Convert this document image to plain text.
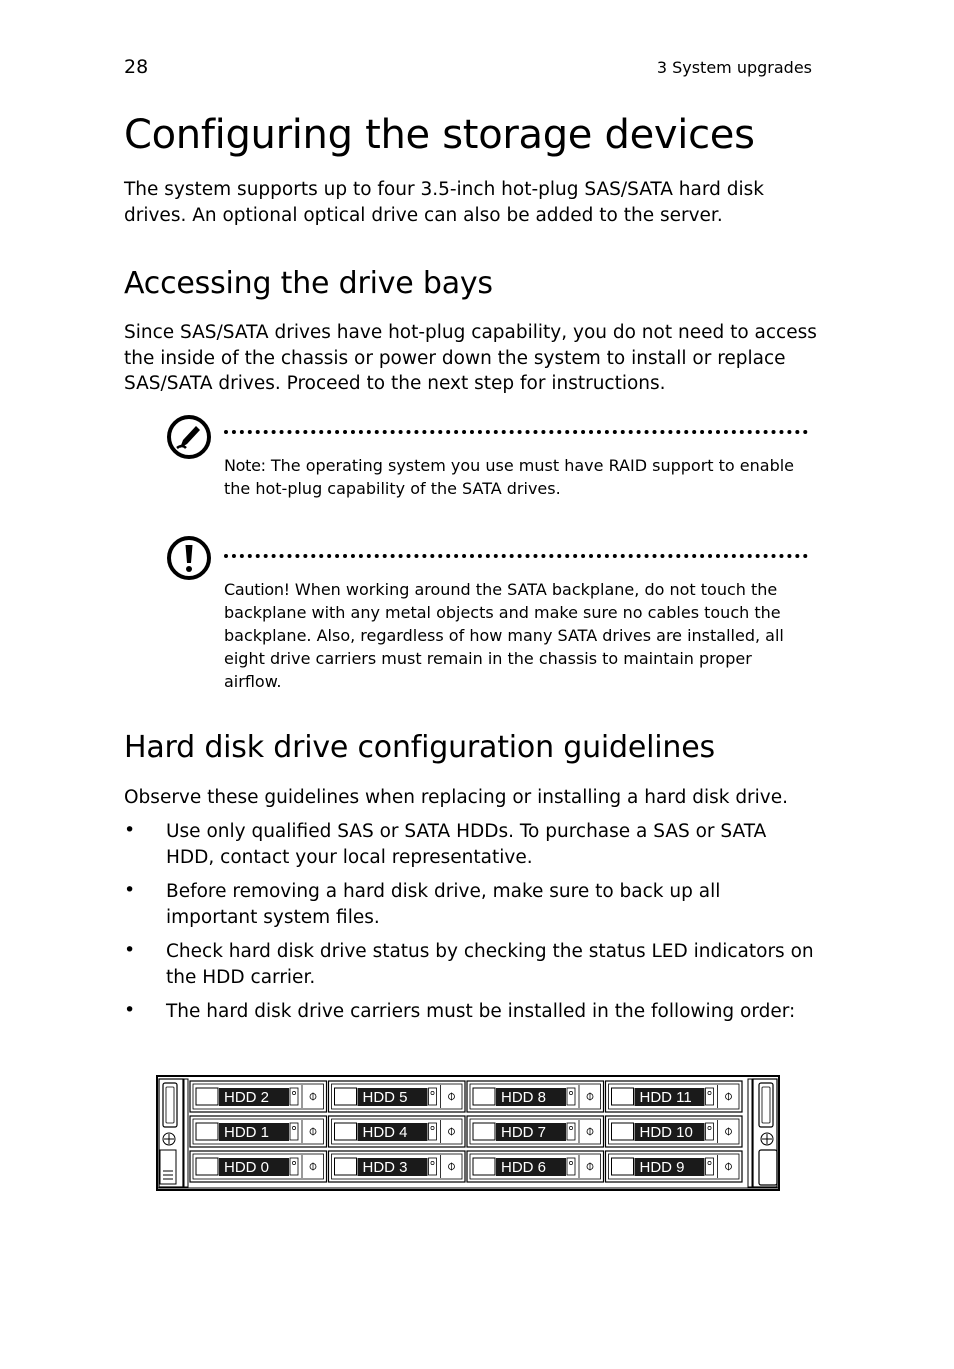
28	3 System upgrades
Configuring the storage devices

The system supports up to four 3.5-inch hot-plug SAS/SATA hard disk drives. An optional optical drive can also be added to the server.

Accessing the drive bays

Since SAS/SATA drives have hot-plug capability, you do not need to access the inside of the chassis or power down the system to install or replace SAS/SATA drives. Proceed to the next step for instructions.

Note: The operating system you use must have RAID support to enable the hot-plug capability of the SATA drives.

Caution! When working around the SATA backplane, do not touch the backplane with any metal objects and make sure no cables touch the backplane. Also, regardless of how many SATA drives are installed, all eight drive carriers must remain in the chassis to maintain proper airflow.

Hard disk drive configuration guidelines

Observe these guidelines when replacing or installing a hard disk drive.

• Use only qualified SAS or SATA HDDs. To purchase a SAS or SATA HDD, contact your local representative.

• Before removing a hard disk drive, make sure to back up all important system files.

• Check hard disk drive status by checking the status LED indicators on the HDD carrier.

• The hard disk drive carriers must be installed in the following order:

HDD 2	HDD 5	HDD 8	HDD 11
HDD 1	HDD 4	HDD 7	HDD 10
HDD 0	HDD 3	HDD 6	HDD 9
